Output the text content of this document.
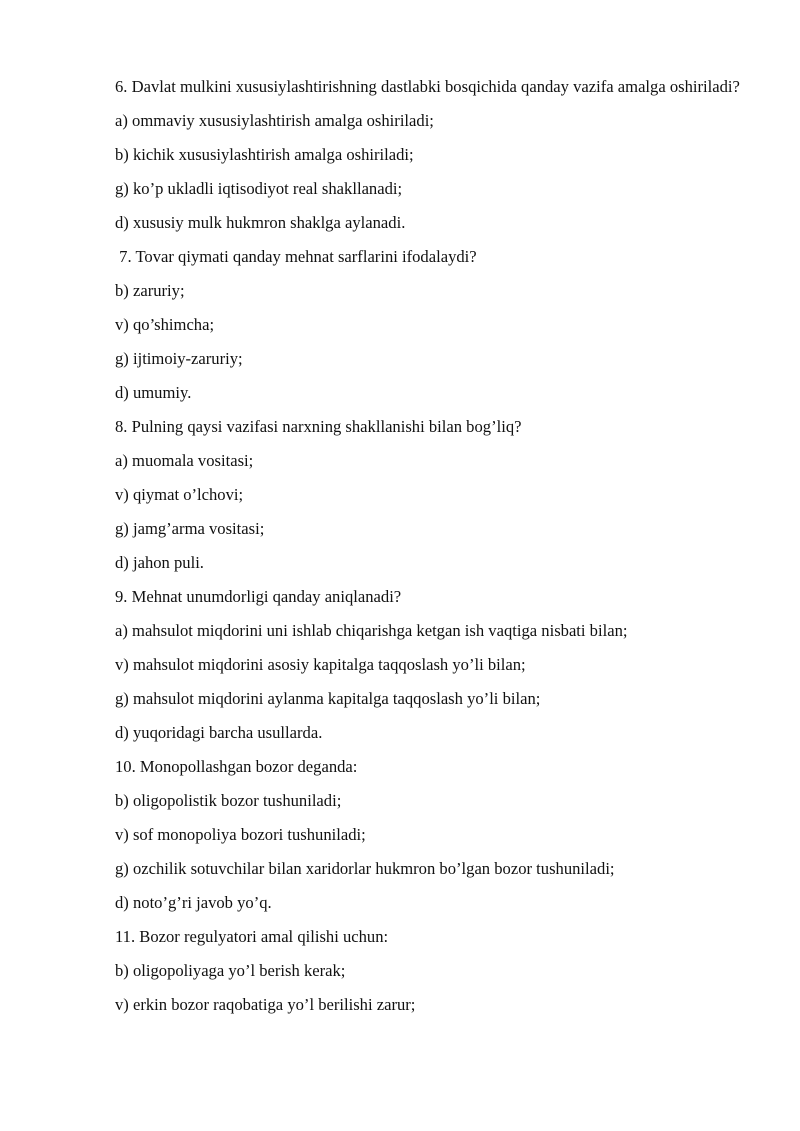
6. Davlat mulkini xususiylashtirishning dastlabki bosqichida qanday vazifa amalga oshiriladi?

a) ommaviy xususiylashtirish amalga oshiriladi;

b) kichik xususiylashtirish amalga oshiriladi;

g) ko’p ukladli iqtisodiyot real shakllanadi;

d) xususiy mulk hukmron shaklga aylanadi.

7. Tovar qiymati qanday mehnat sarflarini ifodalaydi?

b) zaruriy;

v) qo’shimcha;

g) ijtimoiy-zaruriy;

d) umumiy.

8. Pulning qaysi vazifasi narxning shakllanishi bilan bog’liq?

a) muomala vositasi;

v) qiymat o’lchovi;

g) jamg’arma vositasi;

d) jahon puli.

9. Mehnat unumdorligi qanday aniqlanadi?

a) mahsulot miqdorini uni ishlab chiqarishga ketgan ish vaqtiga nisbati bilan;

v) mahsulot miqdorini asosiy kapitalga taqqoslash yo’li bilan;

g) mahsulot miqdorini aylanma kapitalga taqqoslash yo’li bilan;

d) yuqoridagi barcha usullarda.

10. Monopollashgan bozor deganda:

b) oligopolistik bozor tushuniladi;

v) sof monopoliya bozori tushuniladi;

g) ozchilik sotuvchilar bilan xaridorlar hukmron bo’lgan bozor tushuniladi;

d) noto’g’ri javob yo’q.

11. Bozor regulyatori amal qilishi uchun:

b) oligopoliyaga yo’l berish kerak;

v) erkin bozor raqobatiga yo’l berilishi zarur;
